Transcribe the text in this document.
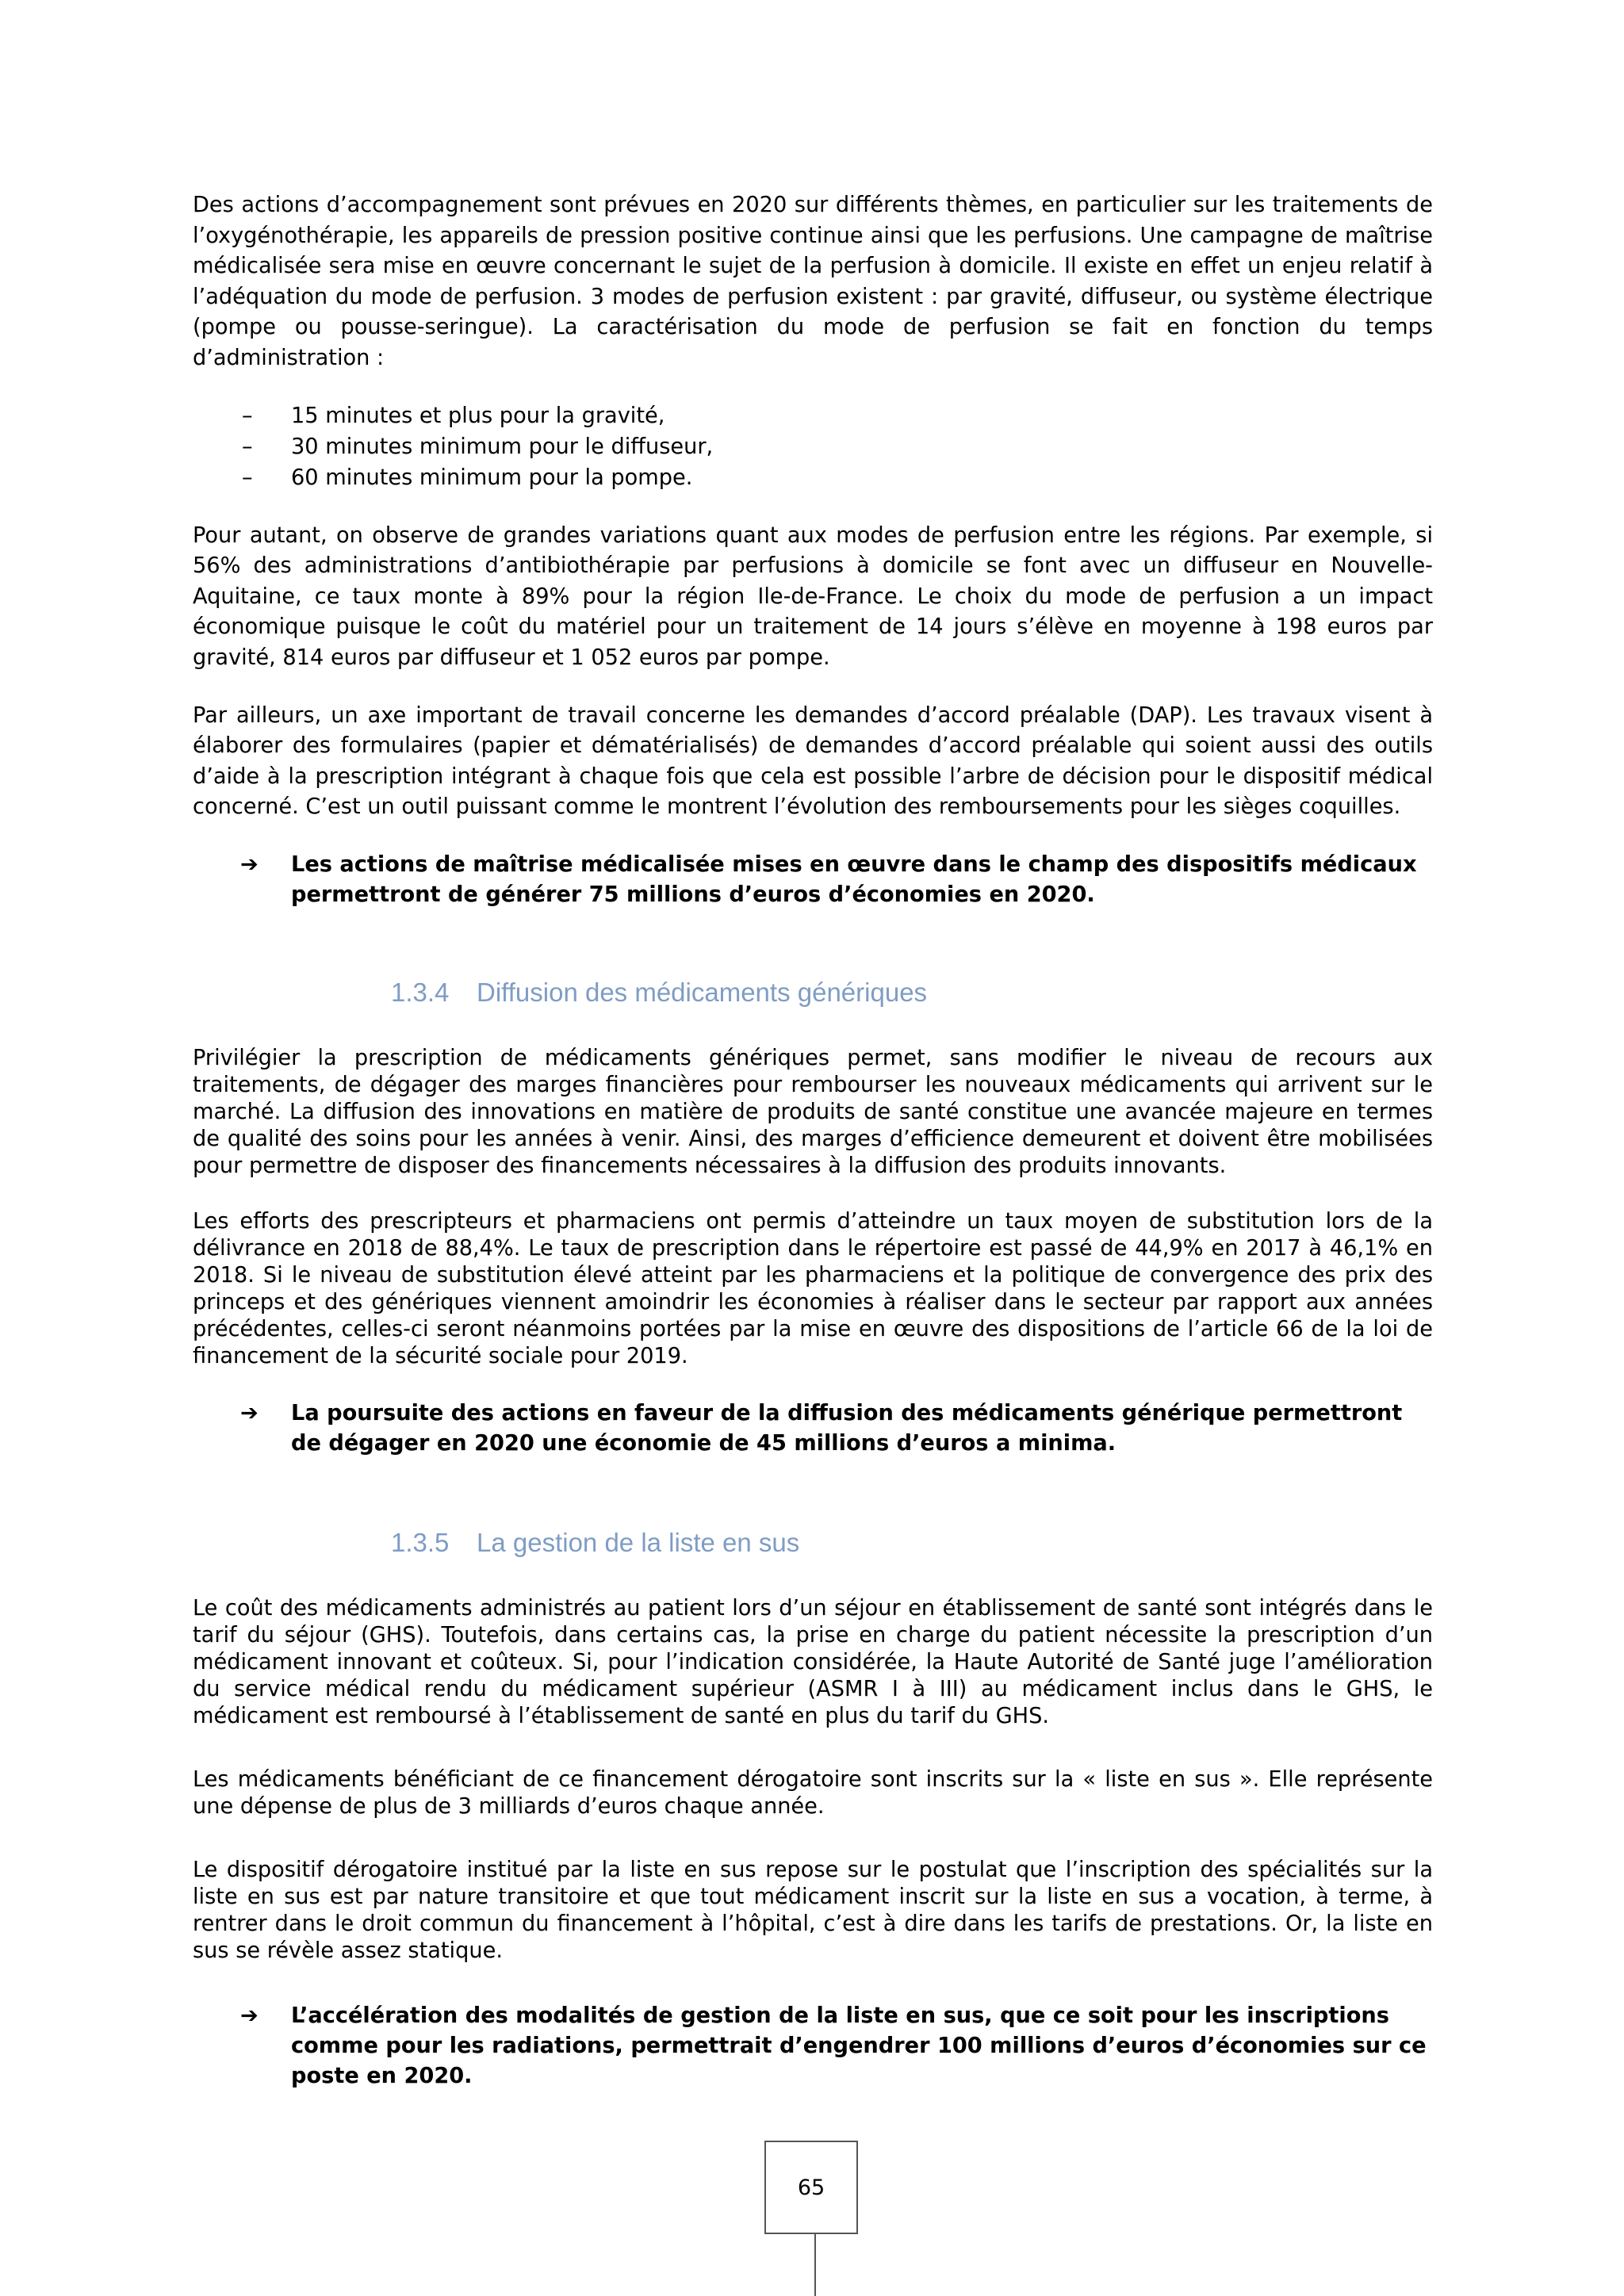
Des actions d’accompagnement sont prévues en 2020 sur différents thèmes, en particulier sur les traitements de l’oxygénothérapie, les appareils de pression positive continue ainsi que les perfusions. Une campagne de maîtrise médicalisée sera mise en œuvre concernant le sujet de la perfusion à domicile. Il existe en effet un enjeu relatif à l’adéquation du mode de perfusion. 3 modes de perfusion existent : par gravité, diffuseur, ou système électrique (pompe ou pousse-seringue). La caractérisation du mode de perfusion se fait en fonction du temps d’administration :

– 15 minutes et plus pour la gravité,
– 30 minutes minimum pour le diffuseur,
– 60 minutes minimum pour la pompe.

Pour autant, on observe de grandes variations quant aux modes de perfusion entre les régions. Par exemple, si 56% des administrations d’antibiothérapie par perfusions à domicile se font avec un diffuseur en Nouvelle-Aquitaine, ce taux monte à 89% pour la région Ile-de-France. Le choix du mode de perfusion a un impact économique puisque le coût du matériel pour un traitement de 14 jours s’élève en moyenne à 198 euros par gravité, 814 euros par diffuseur et 1 052 euros par pompe.

Par ailleurs, un axe important de travail concerne les demandes d’accord préalable (DAP). Les travaux visent à élaborer des formulaires (papier et dématérialisés) de demandes d’accord préalable qui soient aussi des outils d’aide à la prescription intégrant à chaque fois que cela est possible l’arbre de décision pour le dispositif médical concerné. C’est un outil puissant comme le montrent l’évolution des remboursements pour les sièges coquilles.

➔ Les actions de maîtrise médicalisée mises en œuvre dans le champ des dispositifs médicaux permettront de générer 75 millions d’euros d’économies en 2020.

1.3.4 Diffusion des médicaments génériques

Privilégier la prescription de médicaments génériques permet, sans modifier le niveau de recours aux traitements, de dégager des marges financières pour rembourser les nouveaux médicaments qui arrivent sur le marché. La diffusion des innovations en matière de produits de santé constitue une avancée majeure en termes de qualité des soins pour les années à venir. Ainsi, des marges d’efficience demeurent et doivent être mobilisées pour permettre de disposer des financements nécessaires à la diffusion des produits innovants.

Les efforts des prescripteurs et pharmaciens ont permis d’atteindre un taux moyen de substitution lors de la délivrance en 2018 de 88,4%. Le taux de prescription dans le répertoire est passé de 44,9% en 2017 à 46,1% en 2018. Si le niveau de substitution élevé atteint par les pharmaciens et la politique de convergence des prix des princeps et des génériques viennent amoindrir les économies à réaliser dans le secteur par rapport aux années précédentes, celles-ci seront néanmoins portées par la mise en œuvre des dispositions de l’article 66 de la loi de financement de la sécurité sociale pour 2019.

➔ La poursuite des actions en faveur de la diffusion des médicaments générique permettront de dégager en 2020 une économie de 45 millions d’euros a minima.

1.3.5 La gestion de la liste en sus

Le coût des médicaments administrés au patient lors d’un séjour en établissement de santé sont intégrés dans le tarif du séjour (GHS). Toutefois, dans certains cas, la prise en charge du patient nécessite la prescription d’un médicament innovant et coûteux. Si, pour l’indication considérée, la Haute Autorité de Santé juge l’amélioration du service médical rendu du médicament supérieur (ASMR I à III) au médicament inclus dans le GHS, le médicament est remboursé à l’établissement de santé en plus du tarif du GHS.

Les médicaments bénéficiant de ce financement dérogatoire sont inscrits sur la « liste en sus ». Elle représente une dépense de plus de 3 milliards d’euros chaque année.

Le dispositif dérogatoire institué par la liste en sus repose sur le postulat que l’inscription des spécialités sur la liste en sus est par nature transitoire et que tout médicament inscrit sur la liste en sus a vocation, à terme, à rentrer dans le droit commun du financement à l’hôpital, c’est à dire dans les tarifs de prestations. Or, la liste en sus se révèle assez statique.

➔ L’accélération des modalités de gestion de la liste en sus, que ce soit pour les inscriptions comme pour les radiations, permettrait d’engendrer 100 millions d’euros d’économies sur ce poste en 2020.

65
